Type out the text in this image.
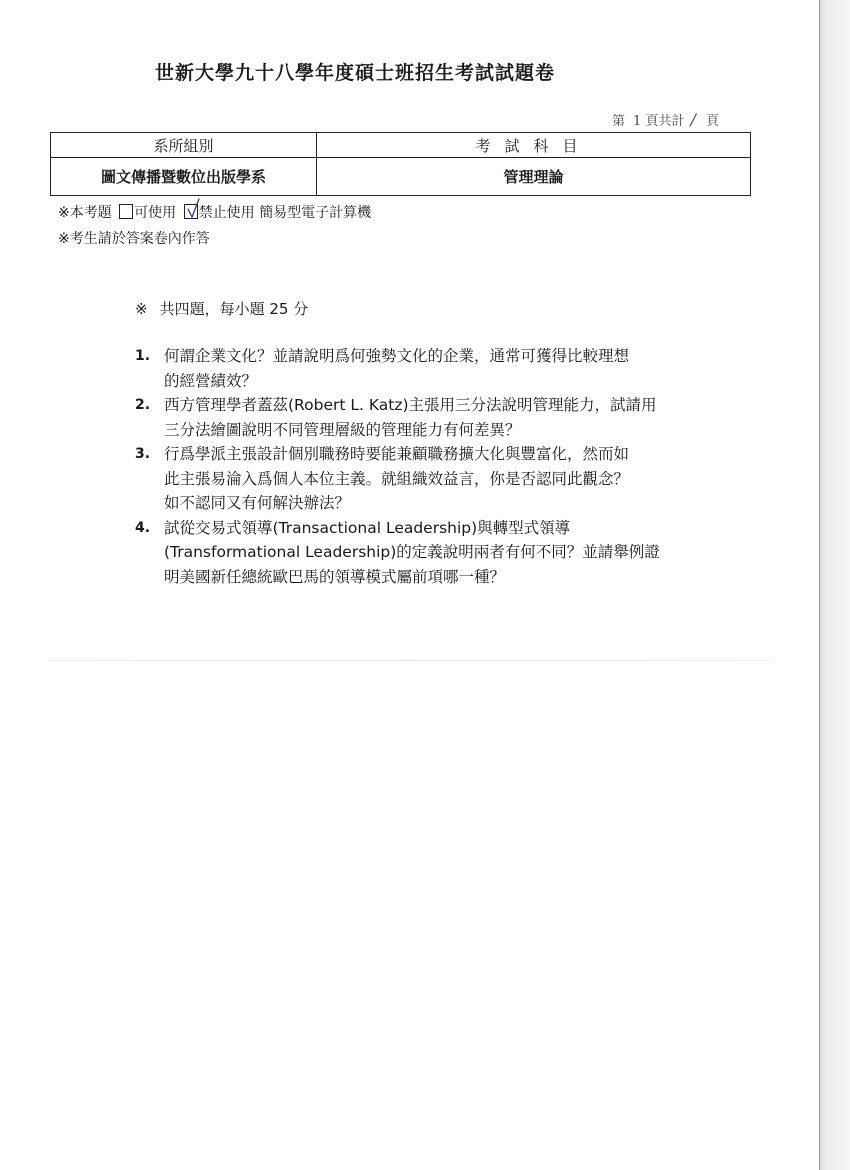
世新大學九十八學年度碩士班招生考試試題卷
第 1 頁共計 / 頁
系所組別	考試科目
圖文傳播暨數位出版學系	管理理論
※本考題 可使用 禁止使用 簡易型電子計算機
※考生請於答案卷內作答
※ 共四題，每小題 25 分
1. 何謂企業文化？並請說明爲何強勢文化的企業，通常可獲得比較理想
的經營績效？
2. 西方管理學者蓋茲(Robert L. Katz)主張用三分法說明管理能力，試請用
三分法繪圖說明不同管理層級的管理能力有何差異？
3. 行爲學派主張設計個別職務時要能兼顧職務擴大化與豐富化，然而如
此主張易淪入爲個人本位主義。就組織效益言，你是否認同此觀念？
如不認同又有何解決辦法？
4. 試從交易式領導(Transactional Leadership)與轉型式領導
(Transformational Leadership)的定義說明兩者有何不同？並請舉例證
明美國新任總統歐巴馬的領導模式屬前項哪一種？
